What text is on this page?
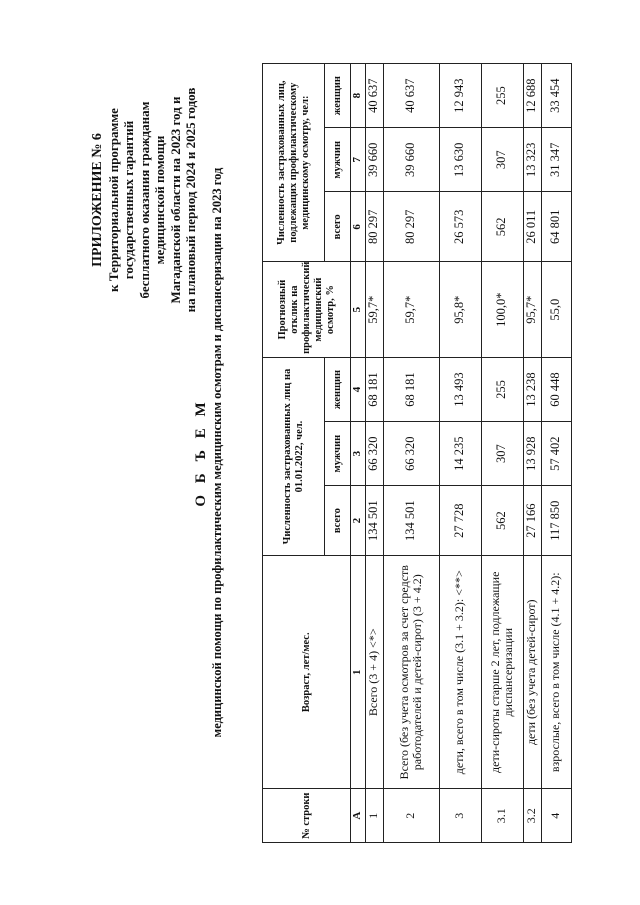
ПРИЛОЖЕНИЕ № 6 к Территориальной программе государственных гарантий бесплатного оказания гражданам медицинской помощи Магаданской области на 2023 год и на плановый период 2024 и 2025 годов
О Б Ъ Е М медицинской помощи по профилактическим медицинским осмотрам и диспансеризации на 2023 год
№ строки	Возраст, лет/мес.	Численность застрахованных лиц на 01.01.2022, чел.			Прогнозный отклик на профилактический медицинский осмотр, %	Численность застрахованных лиц, подлежащих профилактическому медицинскому осмотру, чел:		
		всего	мужчин	женщин		всего	мужчин	женщин
А	1	2	3	4	5	6	7	8
1	Всего (3 + 4) <*>	134 501	66 320	68 181	59,7*	80 297	39 660	40 637
2	Всего (без учета осмотров за счет средств работодателей и детей-сирот) (3 + 4.2)	134 501	66 320	68 181	59,7*	80 297	39 660	40 637
3	дети, всего в том числе (3.1 + 3.2): <**>	27 728	14 235	13 493	95,8*	26 573	13 630	12 943
3.1	дети-сироты старше 2 лет, подлежащие диспансеризации	562	307	255	100,0*	562	307	255
3.2	дети (без учета детей-сирот)	27 166	13 928	13 238	95,7*	26 011	13 323	12 688
4	взрослые, всего в том числе (4.1 + 4.2):	117 850	57 402	60 448	55,0	64 801	31 347	33 454
